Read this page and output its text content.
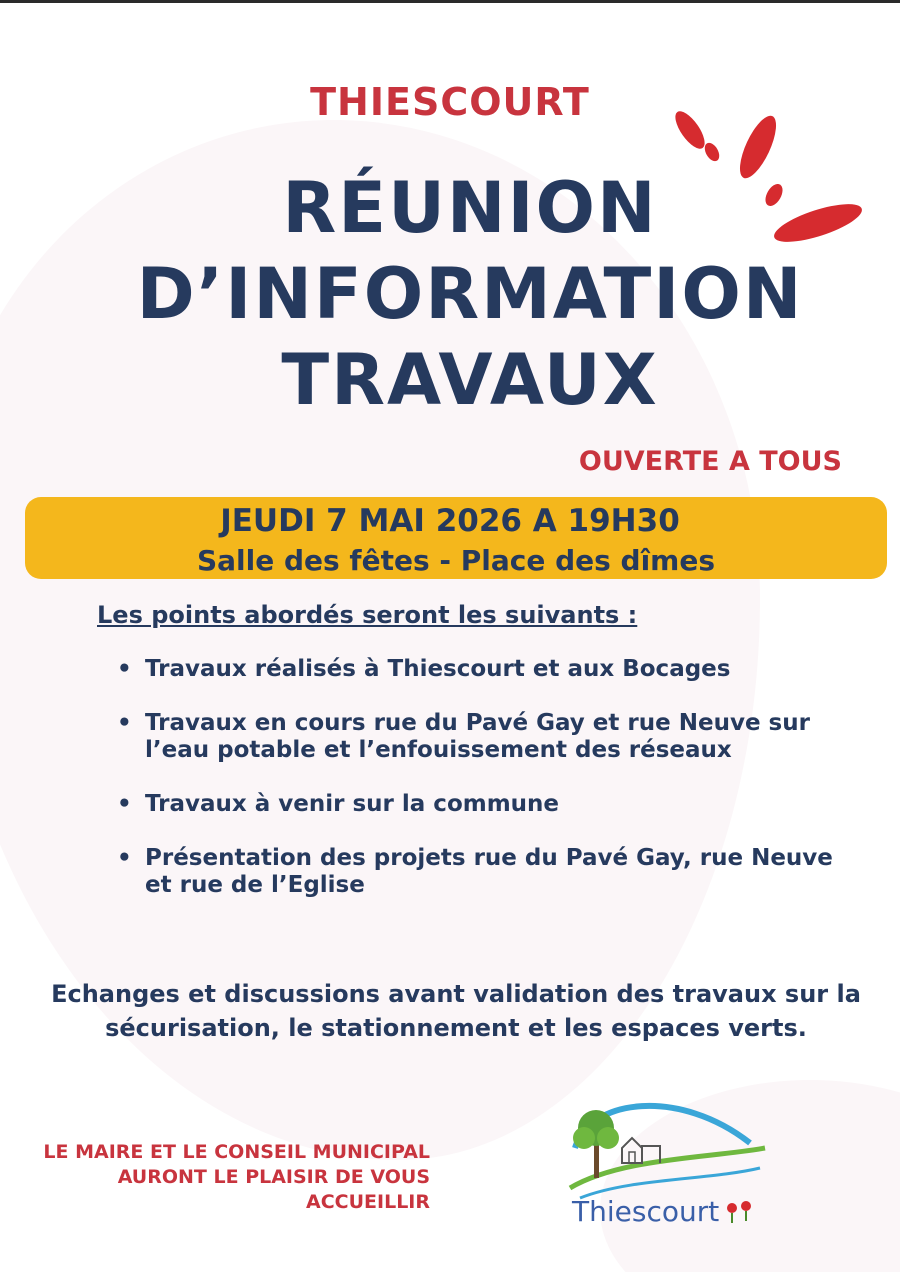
THIESCOURT
RÉUNION
D’INFORMATION
TRAVAUX
OUVERTE A TOUS
JEUDI 7 MAI 2026 A 19H30
Salle des fêtes - Place des dîmes
Les points abordés seront les suivants :
• Travaux réalisés à Thiescourt et aux Bocages
• Travaux en cours rue du Pavé Gay et rue Neuve sur l’eau potable et l’enfouissement des réseaux
• Travaux à venir sur la commune
• Présentation des projets rue du Pavé Gay, rue Neuve et rue de l’Eglise
Echanges et discussions avant validation des travaux sur la sécurisation, le stationnement et les espaces verts.
LE MAIRE ET LE CONSEIL MUNICIPAL AURONT LE PLAISIR DE VOUS ACCUEILLIR	Thiescourt
